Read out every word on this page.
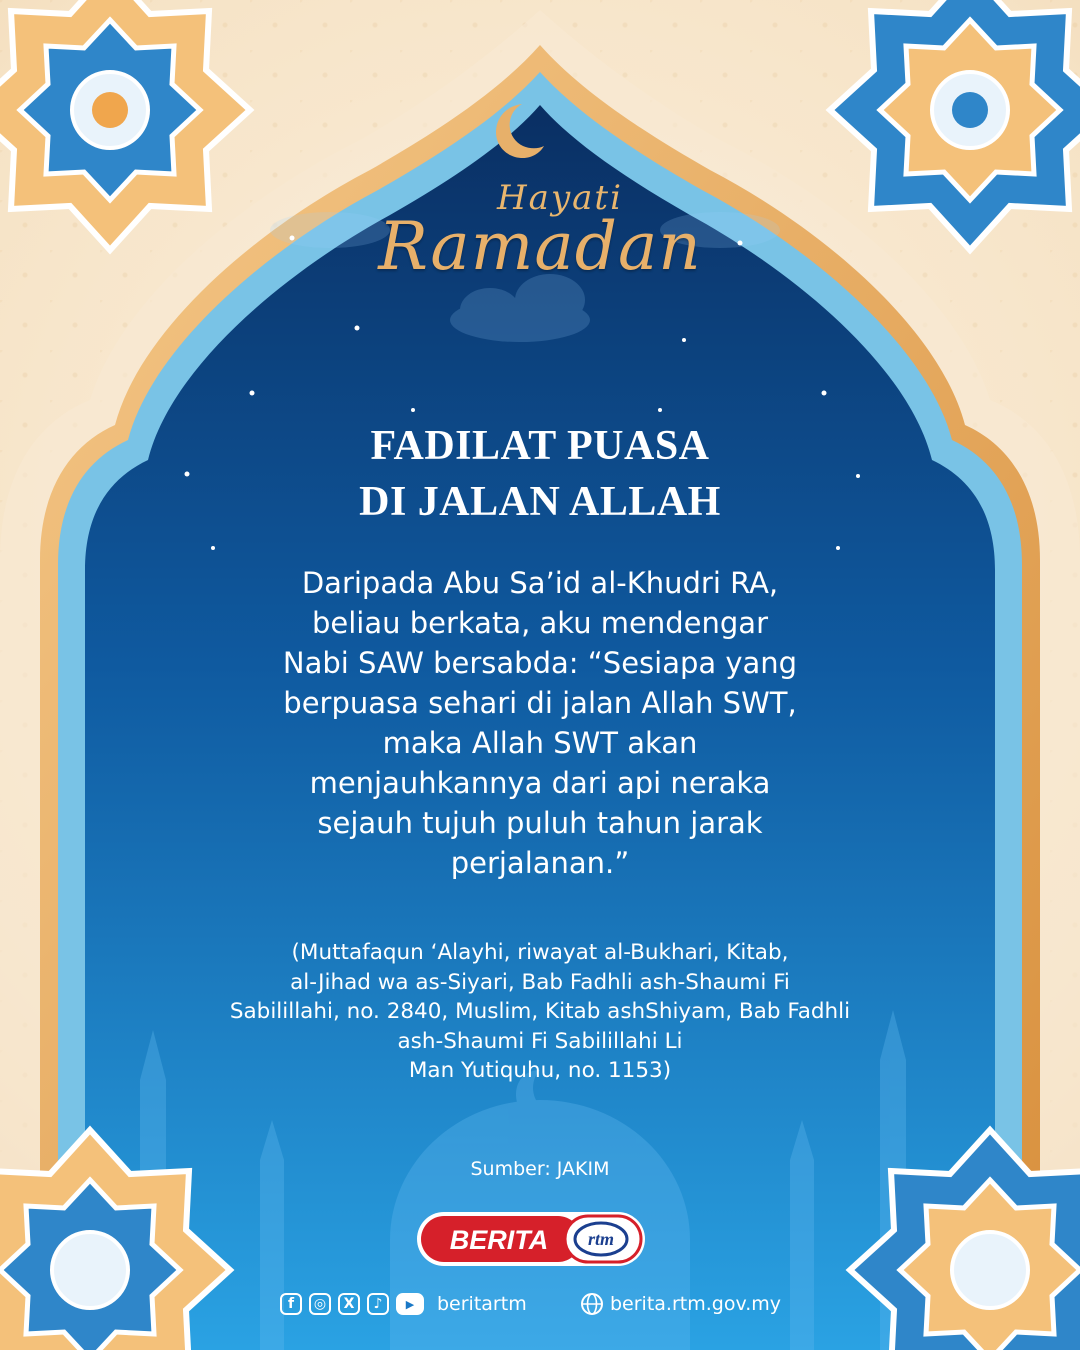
Hayati
Ramadan
FADILAT PUASA
DI JALAN ALLAH
Daripada Abu Sa’id al-Khudri RA,
beliau berkata, aku mendengar
Nabi SAW bersabda: “Sesiapa yang
berpuasa sehari di jalan Allah SWT,
maka Allah SWT akan
menjauhkannya dari api neraka
sejauh tujuh puluh tahun jarak
perjalanan.”
(Muttafaqun ‘Alayhi, riwayat al-Bukhari, Kitab,
al-Jihad wa as-Siyari, Bab Fadhli ash-Shaumi Fi
Sabilillahi, no. 2840, Muslim, Kitab ashShiyam, Bab Fadhli
ash-Shaumi Fi Sabilillahi Li
Man Yutiquhu, no. 1153)
Sumber: JAKIM
BERITA rtm
f	◎	X	♪	▶	beritartm	berita.rtm.gov.my
